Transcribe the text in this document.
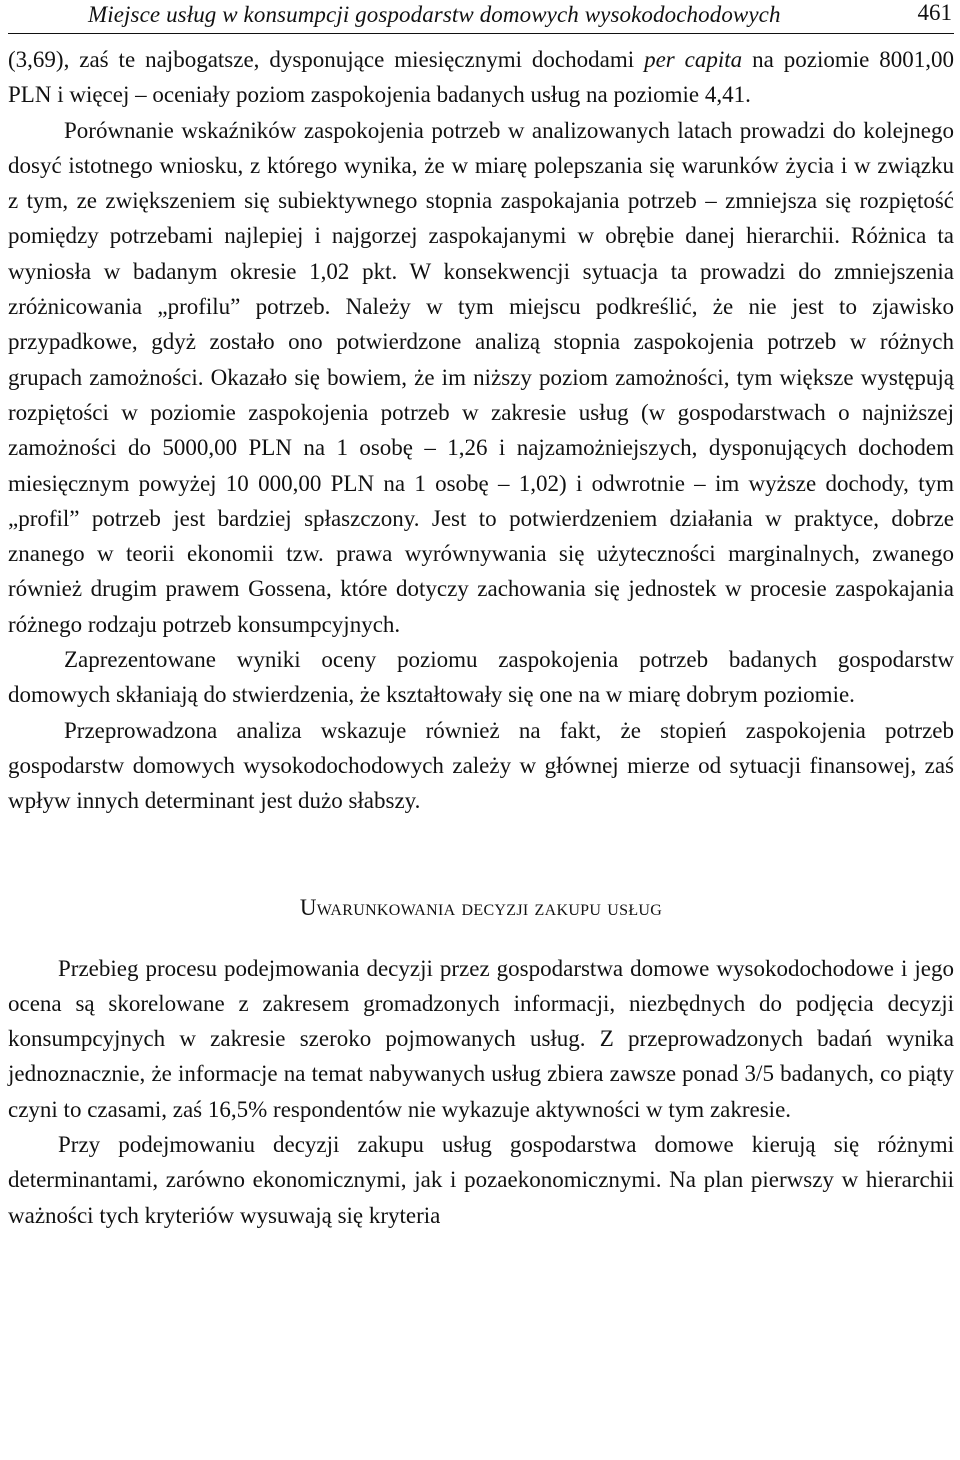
Miejsce usług w konsumpcji gospodarstw domowych wysokodochodowych	461

(3,69), zaś te najbogatsze, dysponujące miesięcznymi dochodami per capita na poziomie 8001,00 PLN i więcej – oceniały poziom zaspokojenia badanych usług na poziomie 4,41.

Porównanie wskaźników zaspokojenia potrzeb w analizowanych latach prowadzi do kolejnego dosyć istotnego wniosku, z którego wynika, że w miarę polepszania się warunków życia i w związku z tym, ze zwiększeniem się subiektywnego stopnia zaspokajania potrzeb – zmniejsza się rozpiętość pomiędzy potrzebami najlepiej i najgorzej zaspokajanymi w obrębie danej hierarchii. Różnica ta wyniosła w badanym okresie 1,02 pkt. W konsekwencji sytuacja ta prowadzi do zmniejszenia zróżnicowania „profilu” potrzeb. Należy w tym miejscu podkreślić, że nie jest to zjawisko przypadkowe, gdyż zostało ono potwierdzone analizą stopnia zaspokojenia potrzeb w różnych grupach zamożności. Okazało się bowiem, że im niższy poziom zamożności, tym większe występują rozpiętości w poziomie zaspokojenia potrzeb w zakresie usług (w gospodarstwach o najniższej zamożności do 5000,00 PLN na 1 osobę – 1,26 i najzamożniejszych, dysponujących dochodem miesięcznym powyżej 10 000,00 PLN na 1 osobę – 1,02) i odwrotnie – im wyższe dochody, tym „profil” potrzeb jest bardziej spłaszczony. Jest to potwierdzeniem działania w praktyce, dobrze znanego w teorii ekonomii tzw. prawa wyrównywania się użyteczności marginalnych, zwanego również drugim prawem Gossena, które dotyczy zachowania się jednostek w procesie zaspokajania różnego rodzaju potrzeb konsumpcyjnych.

Zaprezentowane wyniki oceny poziomu zaspokojenia potrzeb badanych gospodarstw domowych skłaniają do stwierdzenia, że kształtowały się one na w miarę dobrym poziomie.

Przeprowadzona analiza wskazuje również na fakt, że stopień zaspokojenia potrzeb gospodarstw domowych wysokodochodowych zależy w głównej mierze od sytuacji finansowej, zaś wpływ innych determinant jest dużo słabszy.

Uwarunkowania decyzji zakupu usług

Przebieg procesu podejmowania decyzji przez gospodarstwa domowe wysokodochodowe i jego ocena są skorelowane z zakresem gromadzonych informacji, niezbędnych do podjęcia decyzji konsumpcyjnych w zakresie szeroko pojmowanych usług. Z przeprowadzonych badań wynika jednoznacznie, że informacje na temat nabywanych usług zbiera zawsze ponad 3/5 badanych, co piąty czyni to czasami, zaś 16,5% respondentów nie wykazuje aktywności w tym zakresie.

Przy podejmowaniu decyzji zakupu usług gospodarstwa domowe kierują się różnymi determinantami, zarówno ekonomicznymi, jak i pozaekonomicznymi. Na plan pierwszy w hierarchii ważności tych kryteriów wysuwają się kryteria
